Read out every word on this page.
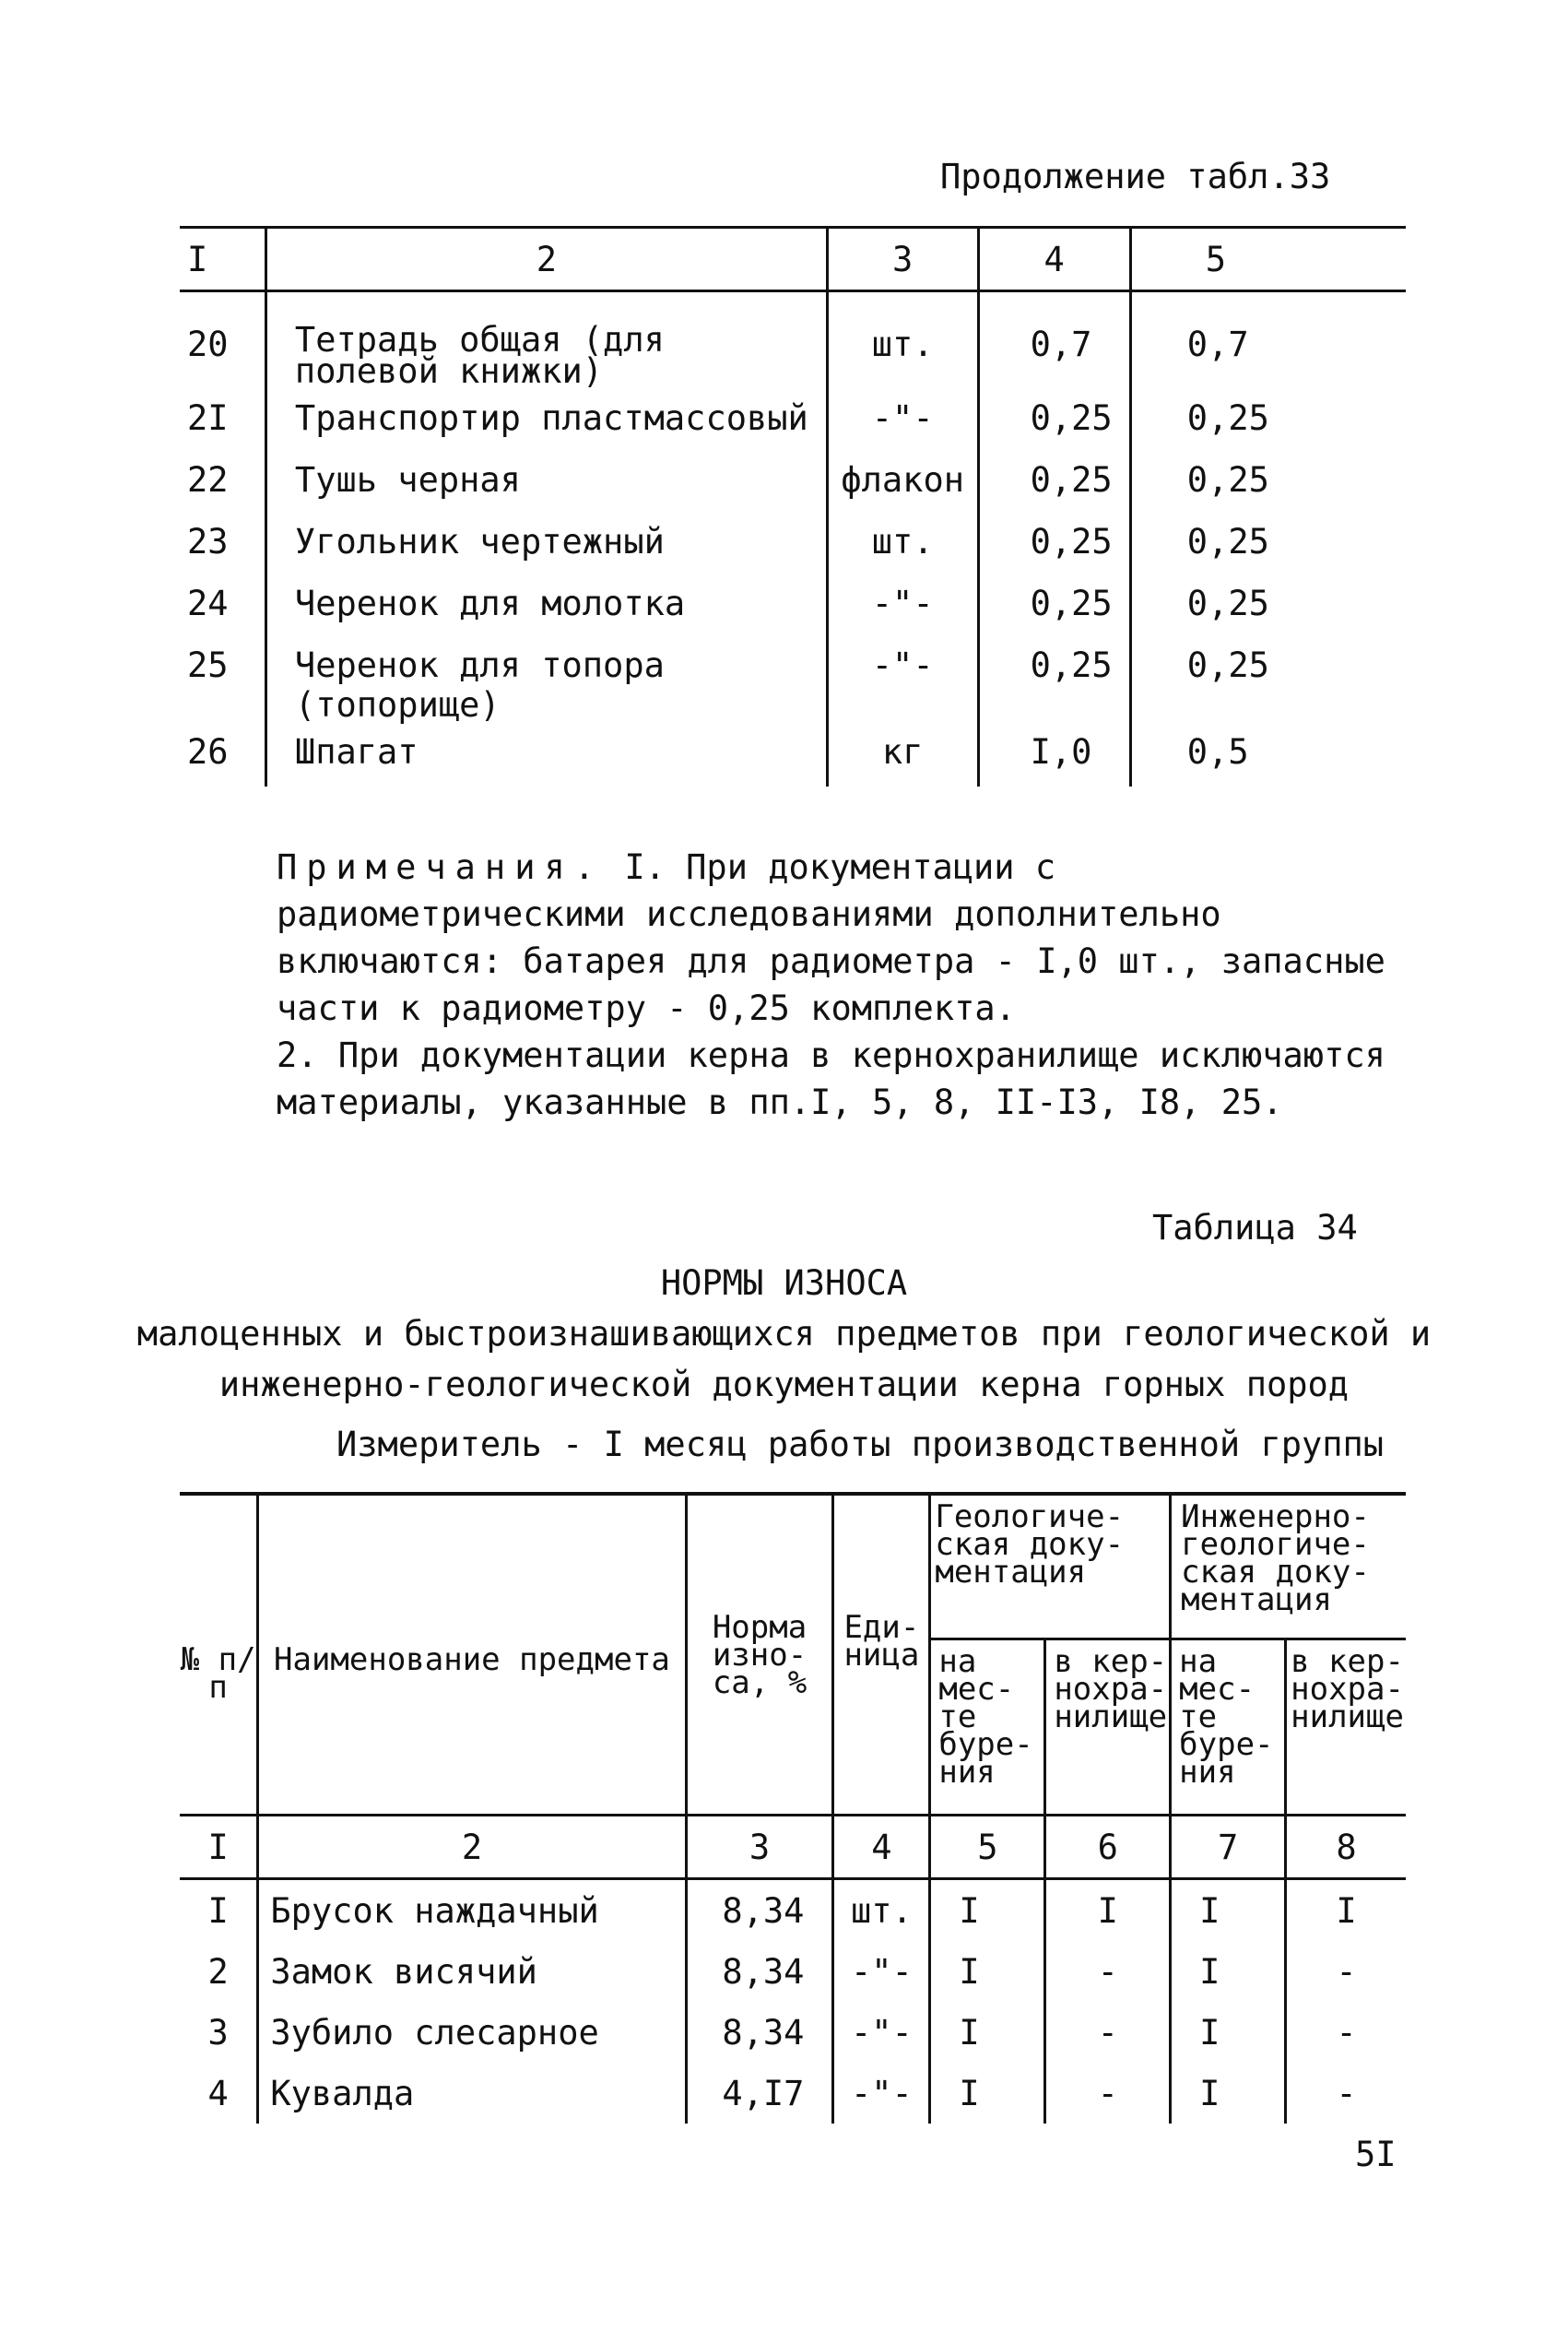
Продолжение табл.33
I	2	3	4	5
20	Тетрадь общая (для полевой книжки)	шт.	0,7	0,7
2I	Транспортир пластмассовый	-"-	0,25	0,25
22	Тушь черная	флакон	0,25	0,25
23	Угольник чертежный	шт.	0,25	0,25
24	Черенок для молотка	-"-	0,25	0,25
25	Черенок для топора (топорище)	-"-	0,25	0,25
26	Шпагат	кг	I,0	0,5

Примечания. I. При документации с радиометрическими исследованиями дополнительно включаются: батарея для радиометра - I,0 шт., запасные части к радиометру - 0,25 комплекта.

2. При документации керна в кернохранилище исключаются материалы, указанные в пп.I, 5, 8, II-I3, I8, 25.

Таблица 34
НОРМЫ ИЗНОСА
малоценных и быстроизнашивающихся предметов при геологической и
инженерно-геологической документации керна горных пород
Измеритель - I месяц работы производственной группы
№ п/п	Наименование предмета	Норма изно-са, %	Еди-ница	Геологиче-ская доку-ментация		Инженерно-геологиче-ская доку-ментация	
				на мес-те буре-ния	в кер-нохра-нилище	на мес-те буре-ния	в кер-нохра-нилище
I	2	3	4	5	6	7	8
I	Брусок наждачный	8,34	шт.	I	I	I	I
2	Замок висячий	8,34	-"-	I	-	I	-
3	Зубило слесарное	8,34	-"-	I	-	I	-
4	Кувалда	4,I7	-"-	I	-	I	-
5I
